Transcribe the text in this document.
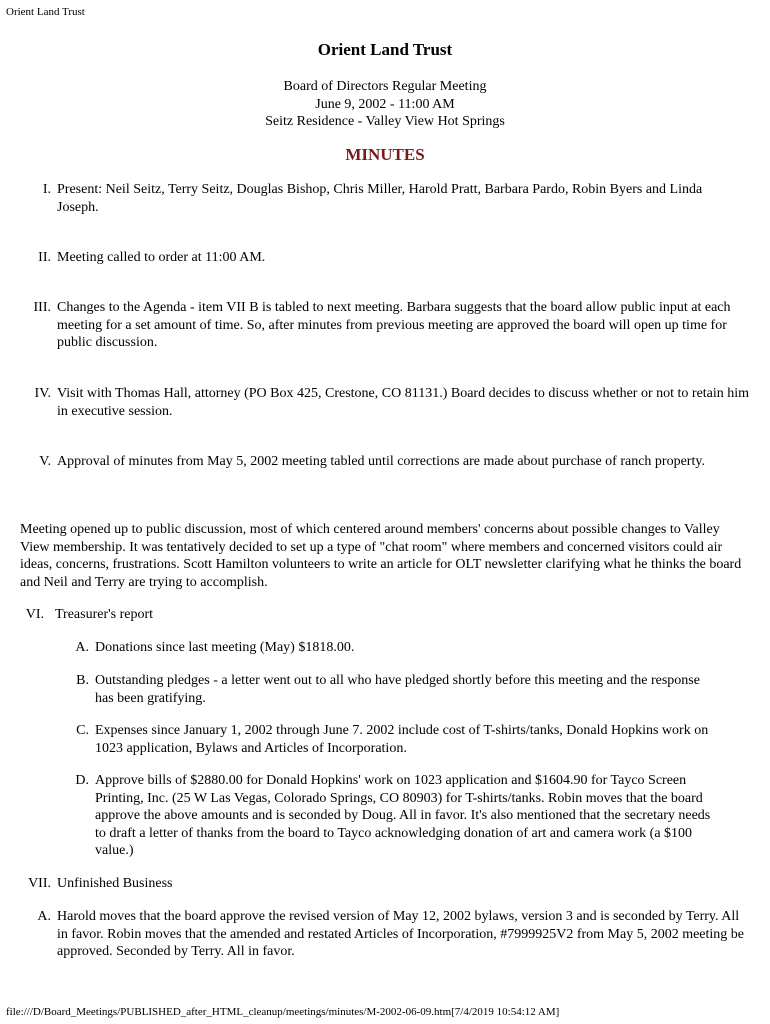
Orient Land Trust
Orient Land Trust
Board of Directors Regular Meeting
June 9, 2002 - 11:00 AM
Seitz Residence - Valley View Hot Springs
MINUTES
I. Present: Neil Seitz, Terry Seitz, Douglas Bishop, Chris Miller, Harold Pratt, Barbara Pardo, Robin Byers and Linda Joseph.
II. Meeting called to order at 11:00 AM.
III. Changes to the Agenda - item VII B is tabled to next meeting. Barbara suggests that the board allow public input at each meeting for a set amount of time. So, after minutes from previous meeting are approved the board will open up time for public discussion.
IV. Visit with Thomas Hall, attorney (PO Box 425, Crestone, CO 81131.) Board decides to discuss whether or not to retain him in executive session.
V. Approval of minutes from May 5, 2002 meeting tabled until corrections are made about purchase of ranch property.
Meeting opened up to public discussion, most of which centered around members' concerns about possible changes to Valley View membership. It was tentatively decided to set up a type of "chat room" where members and concerned visitors could air ideas, concerns, frustrations. Scott Hamilton volunteers to write an article for OLT newsletter clarifying what he thinks the board and Neil and Terry are trying to accomplish.
VI. Treasurer's report
A. Donations since last meeting (May) $1818.00.
B. Outstanding pledges - a letter went out to all who have pledged shortly before this meeting and the response has been gratifying.
C. Expenses since January 1, 2002 through June 7. 2002 include cost of T-shirts/tanks, Donald Hopkins work on 1023 application, Bylaws and Articles of Incorporation.
D. Approve bills of $2880.00 for Donald Hopkins' work on 1023 application and $1604.90 for Tayco Screen Printing, Inc. (25 W Las Vegas, Colorado Springs, CO 80903) for T-shirts/tanks. Robin moves that the board approve the above amounts and is seconded by Doug. All in favor. It's also mentioned that the secretary needs to draft a letter of thanks from the board to Tayco acknowledging donation of art and camera work (a $100 value.)
VII. Unfinished Business
A. Harold moves that the board approve the revised version of May 12, 2002 bylaws, version 3 and is seconded by Terry. All in favor. Robin moves that the amended and restated Articles of Incorporation, #7999925V2 from May 5, 2002 meeting be approved. Seconded by Terry. All in favor.
file:///D/Board_Meetings/PUBLISHED_after_HTML_cleanup/meetings/minutes/M-2002-06-09.htm[7/4/2019 10:54:12 AM]
